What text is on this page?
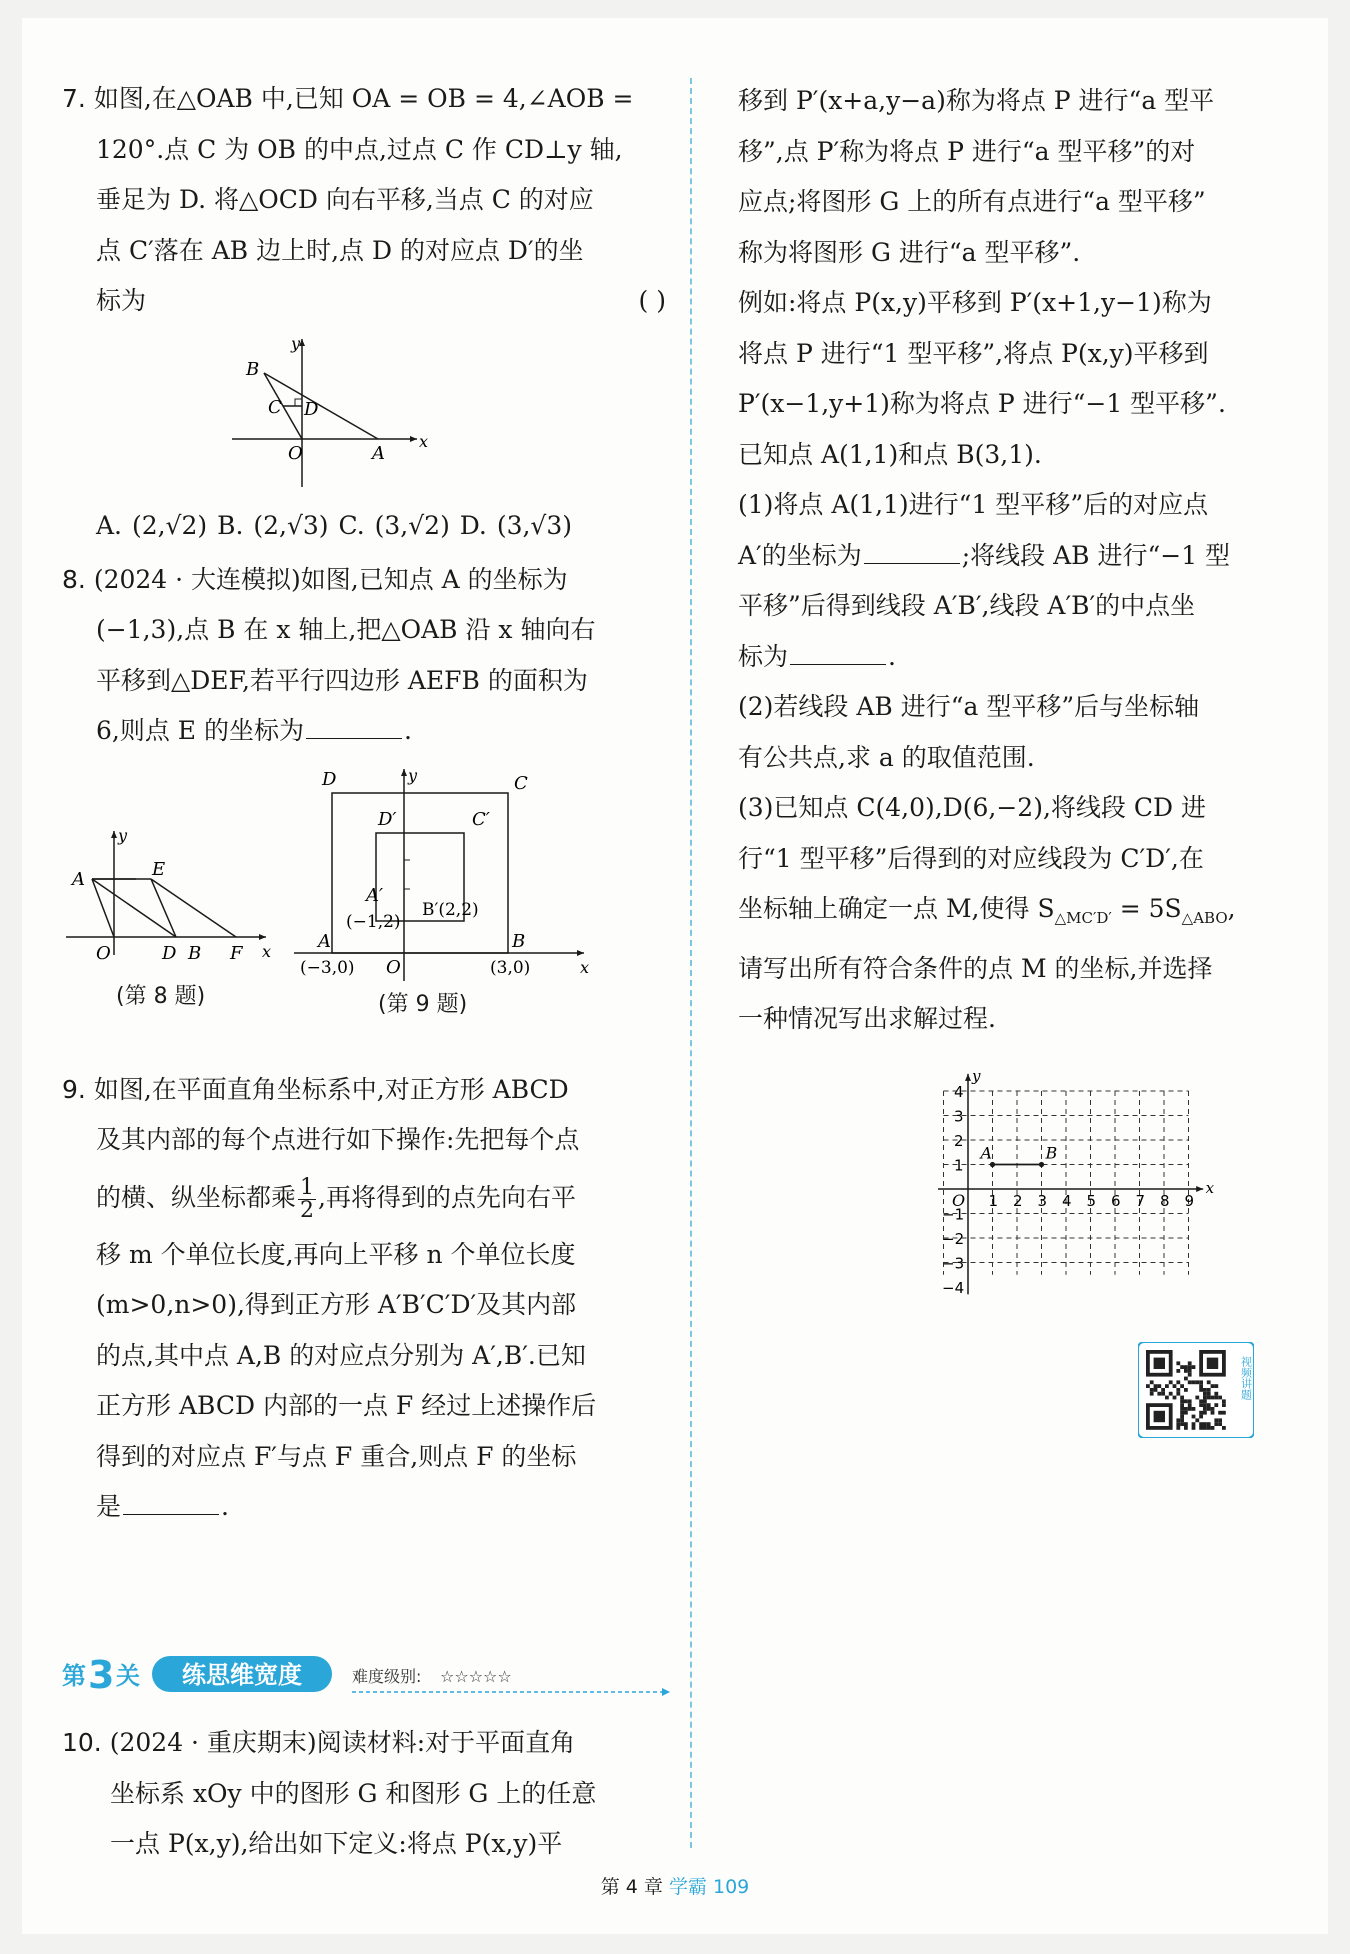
7. 如图,在△OAB 中,已知 OA = OB = 4,∠AOB =
120°.点 C 为 OB 的中点,过点 C 作 CD⊥y 轴,
垂足为 D. 将△OCD 向右平移,当点 C 的对应
点 C′落在 AB 边上时,点 D 的对应点 D′的坐
标为	( )
y
x
B
C D
O	A
A. (2,√2) B. (2,√3) C. (3,√2) D. (3,√3)
8. (2024 · 大连模拟)如图,已知点 A 的坐标为
(−1,3),点 B 在 x 轴上,把△OAB 沿 x 轴向右
平移到△DEF,若平行四边形 AEFB 的面积为
6,则点 E 的坐标为	.
y
x
A	E
O	D B F
(第 8 题)
D	C
D′	C′
A′
(−1,2)
B′(2,2)
A	B
(−3,0) O	(3,0)
y
x
(第 9 题)
9. 如图,在平面直角坐标系中,对正方形 ABCD
及其内部的每个点进行如下操作:先把每个点
的横、纵坐标都乘 $\frac{1}{2}$ ,再将得到的点先向右平
移 m 个单位长度,再向上平移 n 个单位长度
(m>0,n>0),得到正方形 A′B′C′D′及其内部
的点,其中点 A,B 的对应点分别为 A′,B′.已知
正方形 ABCD 内部的一点 F 经过上述操作后
得到的对应点 F′与点 F 重合,则点 F 的坐标
是	.
第 3 关 练思维宽度	难度级别: ☆☆☆☆☆
10. (2024 · 重庆期末)阅读材料:对于平面直角
坐标系 xOy 中的图形 G 和图形 G 上的任意
一点 P(x,y),给出如下定义:将点 P(x,y)平
移到 P′(x+a,y−a)称为将点 P 进行“a 型平
移”,点 P′称为将点 P 进行“a 型平移”的对
应点;将图形 G 上的所有点进行“a 型平移”
称为将图形 G 进行“a 型平移”.
例如:将点 P(x,y)平移到 P′(x+1,y−1)称为
将点 P 进行“1 型平移”,将点 P(x,y)平移到
P′(x−1,y+1)称为将点 P 进行“−1 型平移”.
已知点 A(1,1)和点 B(3,1).
(1)将点 A(1,1)进行“1 型平移”后的对应点
A′的坐标为	;将线段 AB 进行“−1 型
平移”后得到线段 A′B′,线段 A′B′的中点坐
标为	.
(2)若线段 AB 进行“a 型平移”后与坐标轴
有公共点,求 a 的取值范围.
(3)已知点 C(4,0),D(6,−2),将线段 CD 进
行“1 型平移”后得到的对应线段为 C′D′,在
坐标轴上确定一点 M,使得 $S_{\triangle MC'D'} = 5S_{\triangle ABO}$,
请写出所有符合条件的点 M 的坐标,并选择
一种情况写出求解过程.
y
x
O 1 2 3 4 5 6 7 8 9
1
2
3
4
−1
−2
−3
−4
A	B
视频讲题
第 4 章 学霸 109
